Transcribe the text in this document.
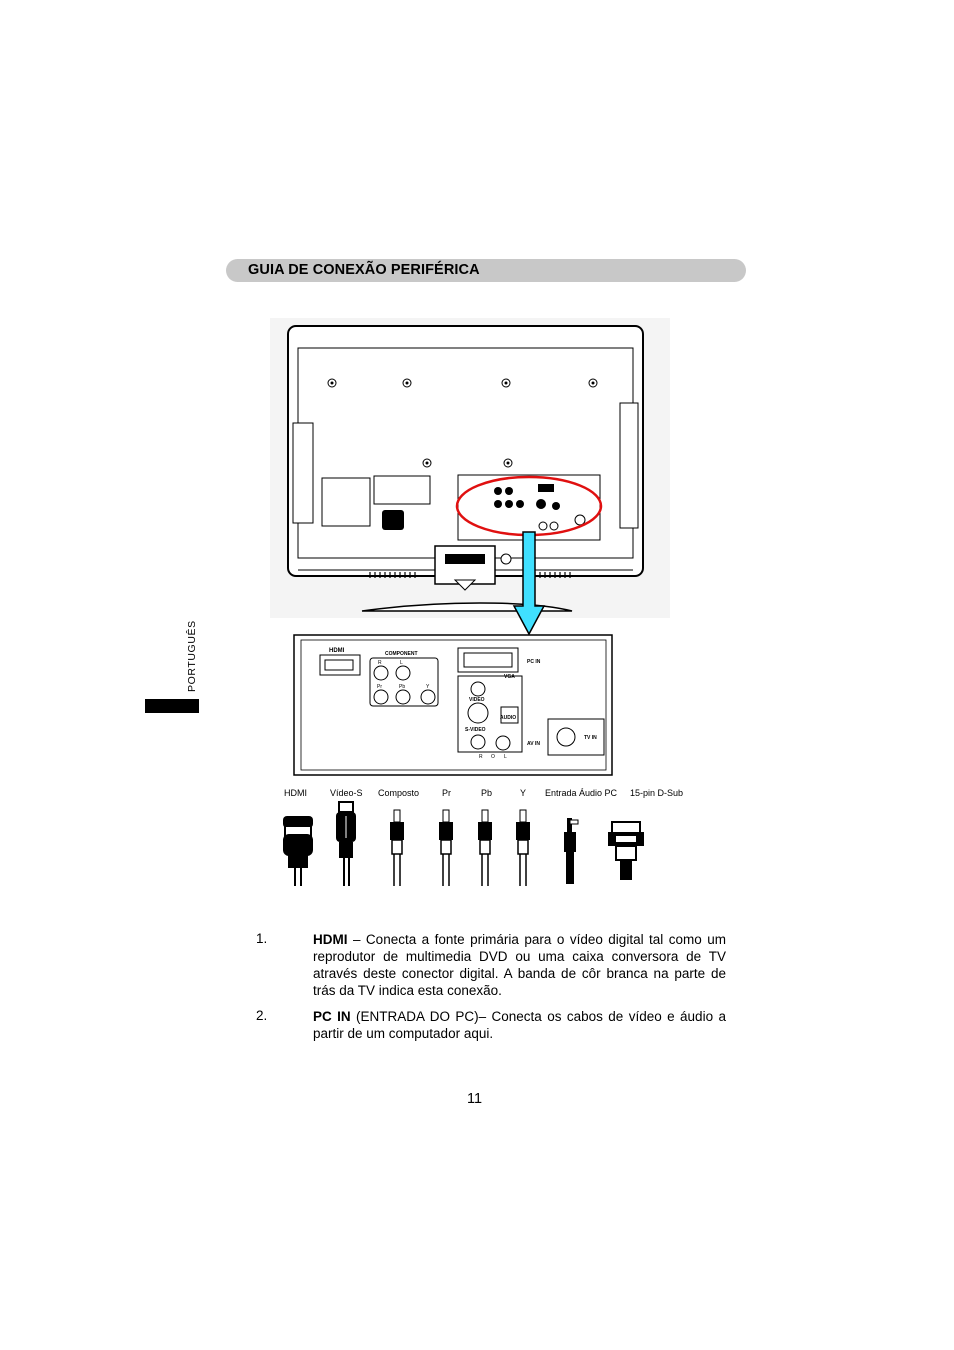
GUIA DE CONEXÃO PERIFÉRICA
PORTUGUÊS	HDMI	COMPONENT
R	L
Pr	Pb	Y
PC IN
VGA
VIDEO
AUDIO
S-VIDEO
AV IN
R O L
TV IN
HDMI	Vídeo-S Composto	Pr	Pb	Y Entrada Áudio PC 15-pin D-Sub
1.	HDMI – Conecta a fonte primária para o vídeo digital tal como um reprodutor de multimedia DVD ou uma caixa conversora de TV através deste conector digital. A banda de côr branca na parte de trás da TV indica esta conexão.
2.	PC IN (ENTRADA DO PC)– Conecta os cabos de vídeo e áudio a partir de um computador aqui.
11
